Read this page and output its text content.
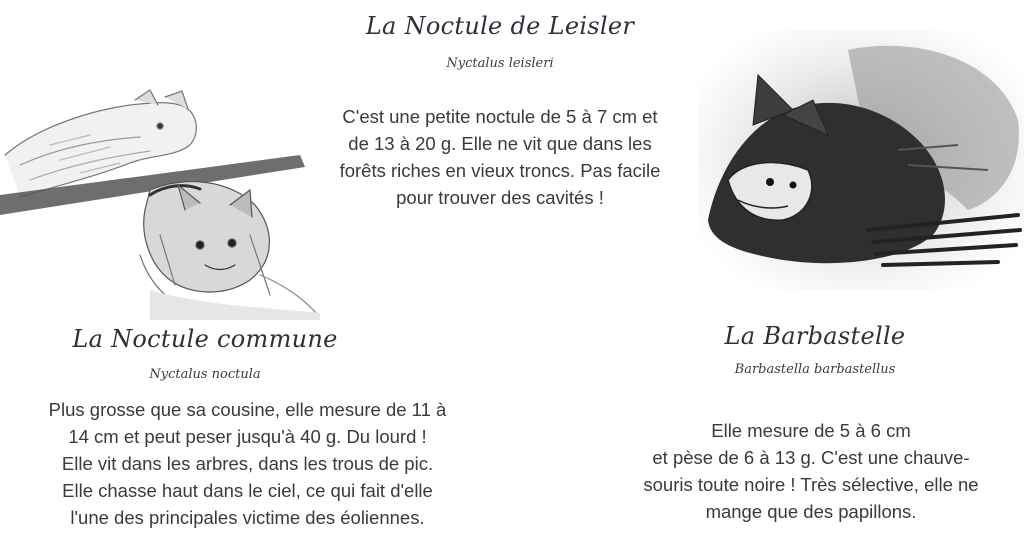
La Noctule de Leisler

Nyctalus leisleri

C'est une petite noctule de 5 à 7 cm et
de 13 à 20 g. Elle ne vit que dans les
forêts riches en vieux troncs. Pas facile
pour trouver des cavités !

La Noctule commune

Nyctalus noctula

Plus grosse que sa cousine, elle mesure de 11 à
14 cm et peut peser jusqu'à 40 g. Du lourd !
Elle vit dans les arbres, dans les trous de pic.
Elle chasse haut dans le ciel, ce qui fait d'elle
l'une des principales victime des éoliennes.

La Barbastelle

Barbastella barbastellus

Elle mesure de 5 à 6 cm
et pèse de 6 à 13 g. C'est une chauve-
souris toute noire ! Très sélective, elle ne
mange que des papillons.
